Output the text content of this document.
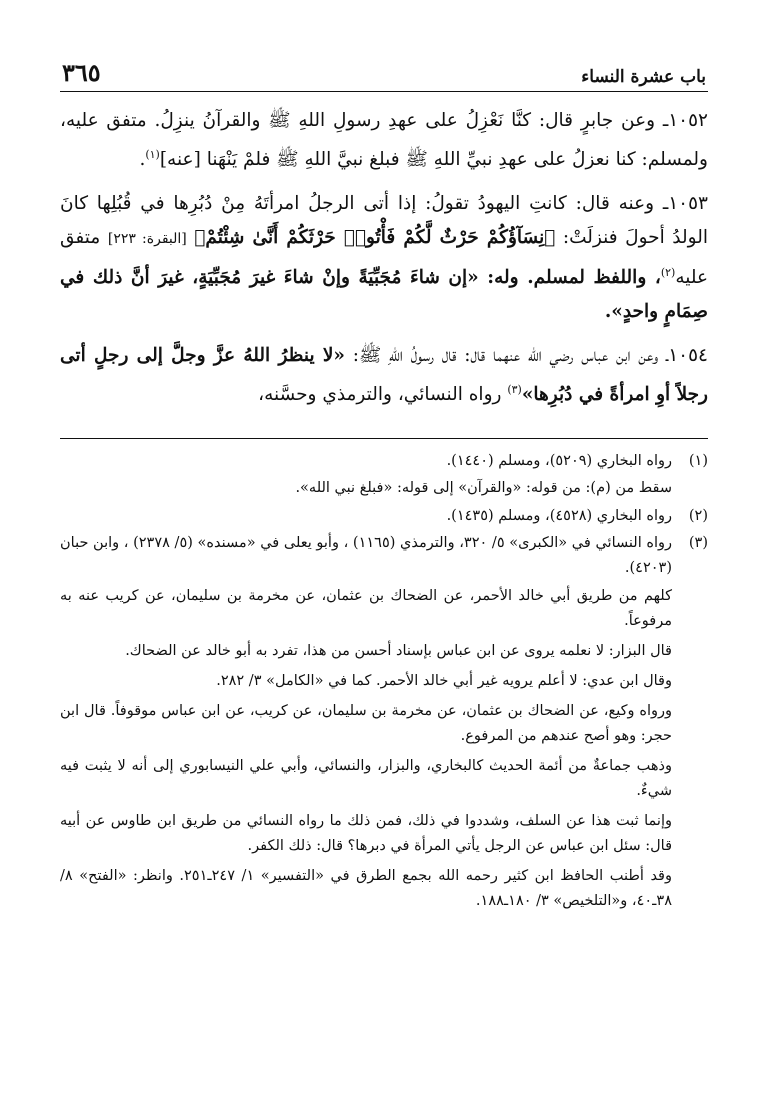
باب عشرة النساء
٣٦٥

١٠٥٢ـ وعن جابرٍ قال: كنَّا نَعْزِلُ على عهدِ رسولِ اللهِ ﷺ والقرآنُ ينزِلُ. متفق عليه، ولمسلم: كنا نعزلُ على عهدِ نبيِّ اللهِ ﷺ فبلغ نبيَّ اللهِ ﷺ فلمْ يَنْهَنا [عنه]$^{(١)}$.

١٠٥٣ـ وعنه قال: كانتِ اليهودُ تقولُ: إذا أتى الرجلُ امرأتَهُ مِنْ دُبُرِها في قُبُلِها كانَ الولدُ أحولَ فنزلَتْ: ﴿نِسَآؤُكُمْ حَرْثٌ لَّكُمْ فَأْتُوا۟ حَرْثَكُمْ أَنَّىٰ شِئْتُمْ﴾ [البقرة: ٢٢٣] متفق عليه$^{(٢)}$، واللفظ لمسلم. وله: «إن شاءَ مُجَبِّيَةً وإنْ شاءَ غيرَ مُجَبِّيَةٍ، غيرَ أنَّ ذلك في صِمَامٍ واحدٍ».

١٠٥٤ـ وعن ابن عباس رضي الله عنهما قال: قال رسولُ اللهِ ﷺ: «لا ينظرُ اللهُ عزَّ وجلَّ إلى رجلٍ أتى رجلاً أوِ امرأةً في دُبُرِها»$^{(٣)}$ رواه النسائي، والترمذي وحسَّنه،

(١)
رواه البخاري (٥٢٠٩)، ومسلم (١٤٤٠).
سقط من (م): من قوله: «والقرآن» إلى قوله: «فبلغ نبي الله».
(٢)
رواه البخاري (٤٥٢٨)، ومسلم (١٤٣٥).
(٣)
رواه النسائي في «الكبرى» ٥/ ٣٢٠، والترمذي (١١٦٥) ، وأبو يعلى في «مسنده» (٥/ ٢٣٧٨) ، وابن حبان (٤٢٠٣).

كلهم من طريق أبي خالد الأحمر، عن الضحاك بن عثمان، عن مخرمة بن سليمان، عن كريب عنه به مرفوعاً.

قال البزار: لا نعلمه يروى عن ابن عباس بإسناد أحسن من هذا، تفرد به أبو خالد عن الضحاك.

وقال ابن عدي: لا أعلم يرويه غير أبي خالد الأحمر. كما في «الكامل» ٣/ ٢٨٢.

ورواه وكيع، عن الضحاك بن عثمان، عن مخرمة بن سليمان، عن كريب، عن ابن عباس موقوفاً. قال ابن حجر: وهو أصح عندهم من المرفوع.

وذهب جماعةٌ من أئمة الحديث كالبخاري، والبزار، والنسائي، وأبي علي النيسابوري إلى أنه لا يثبت فيه شيءٌ.

وإنما ثبت هذا عن السلف، وشددوا في ذلك، فمن ذلك ما رواه النسائي من طريق ابن طاوس عن أبيه قال: سئل ابن عباس عن الرجل يأتي المرأة في دبرها؟ قال: ذلك الكفر.

وقد أطنب الحافظ ابن كثير رحمه الله بجمع الطرق في «التفسير» ١/ ٢٤٧ـ٢٥١. وانظر: «الفتح» ٨/ ٣٨ـ٤٠، و«التلخيص» ٣/ ١٨٠ـ١٨٨.
